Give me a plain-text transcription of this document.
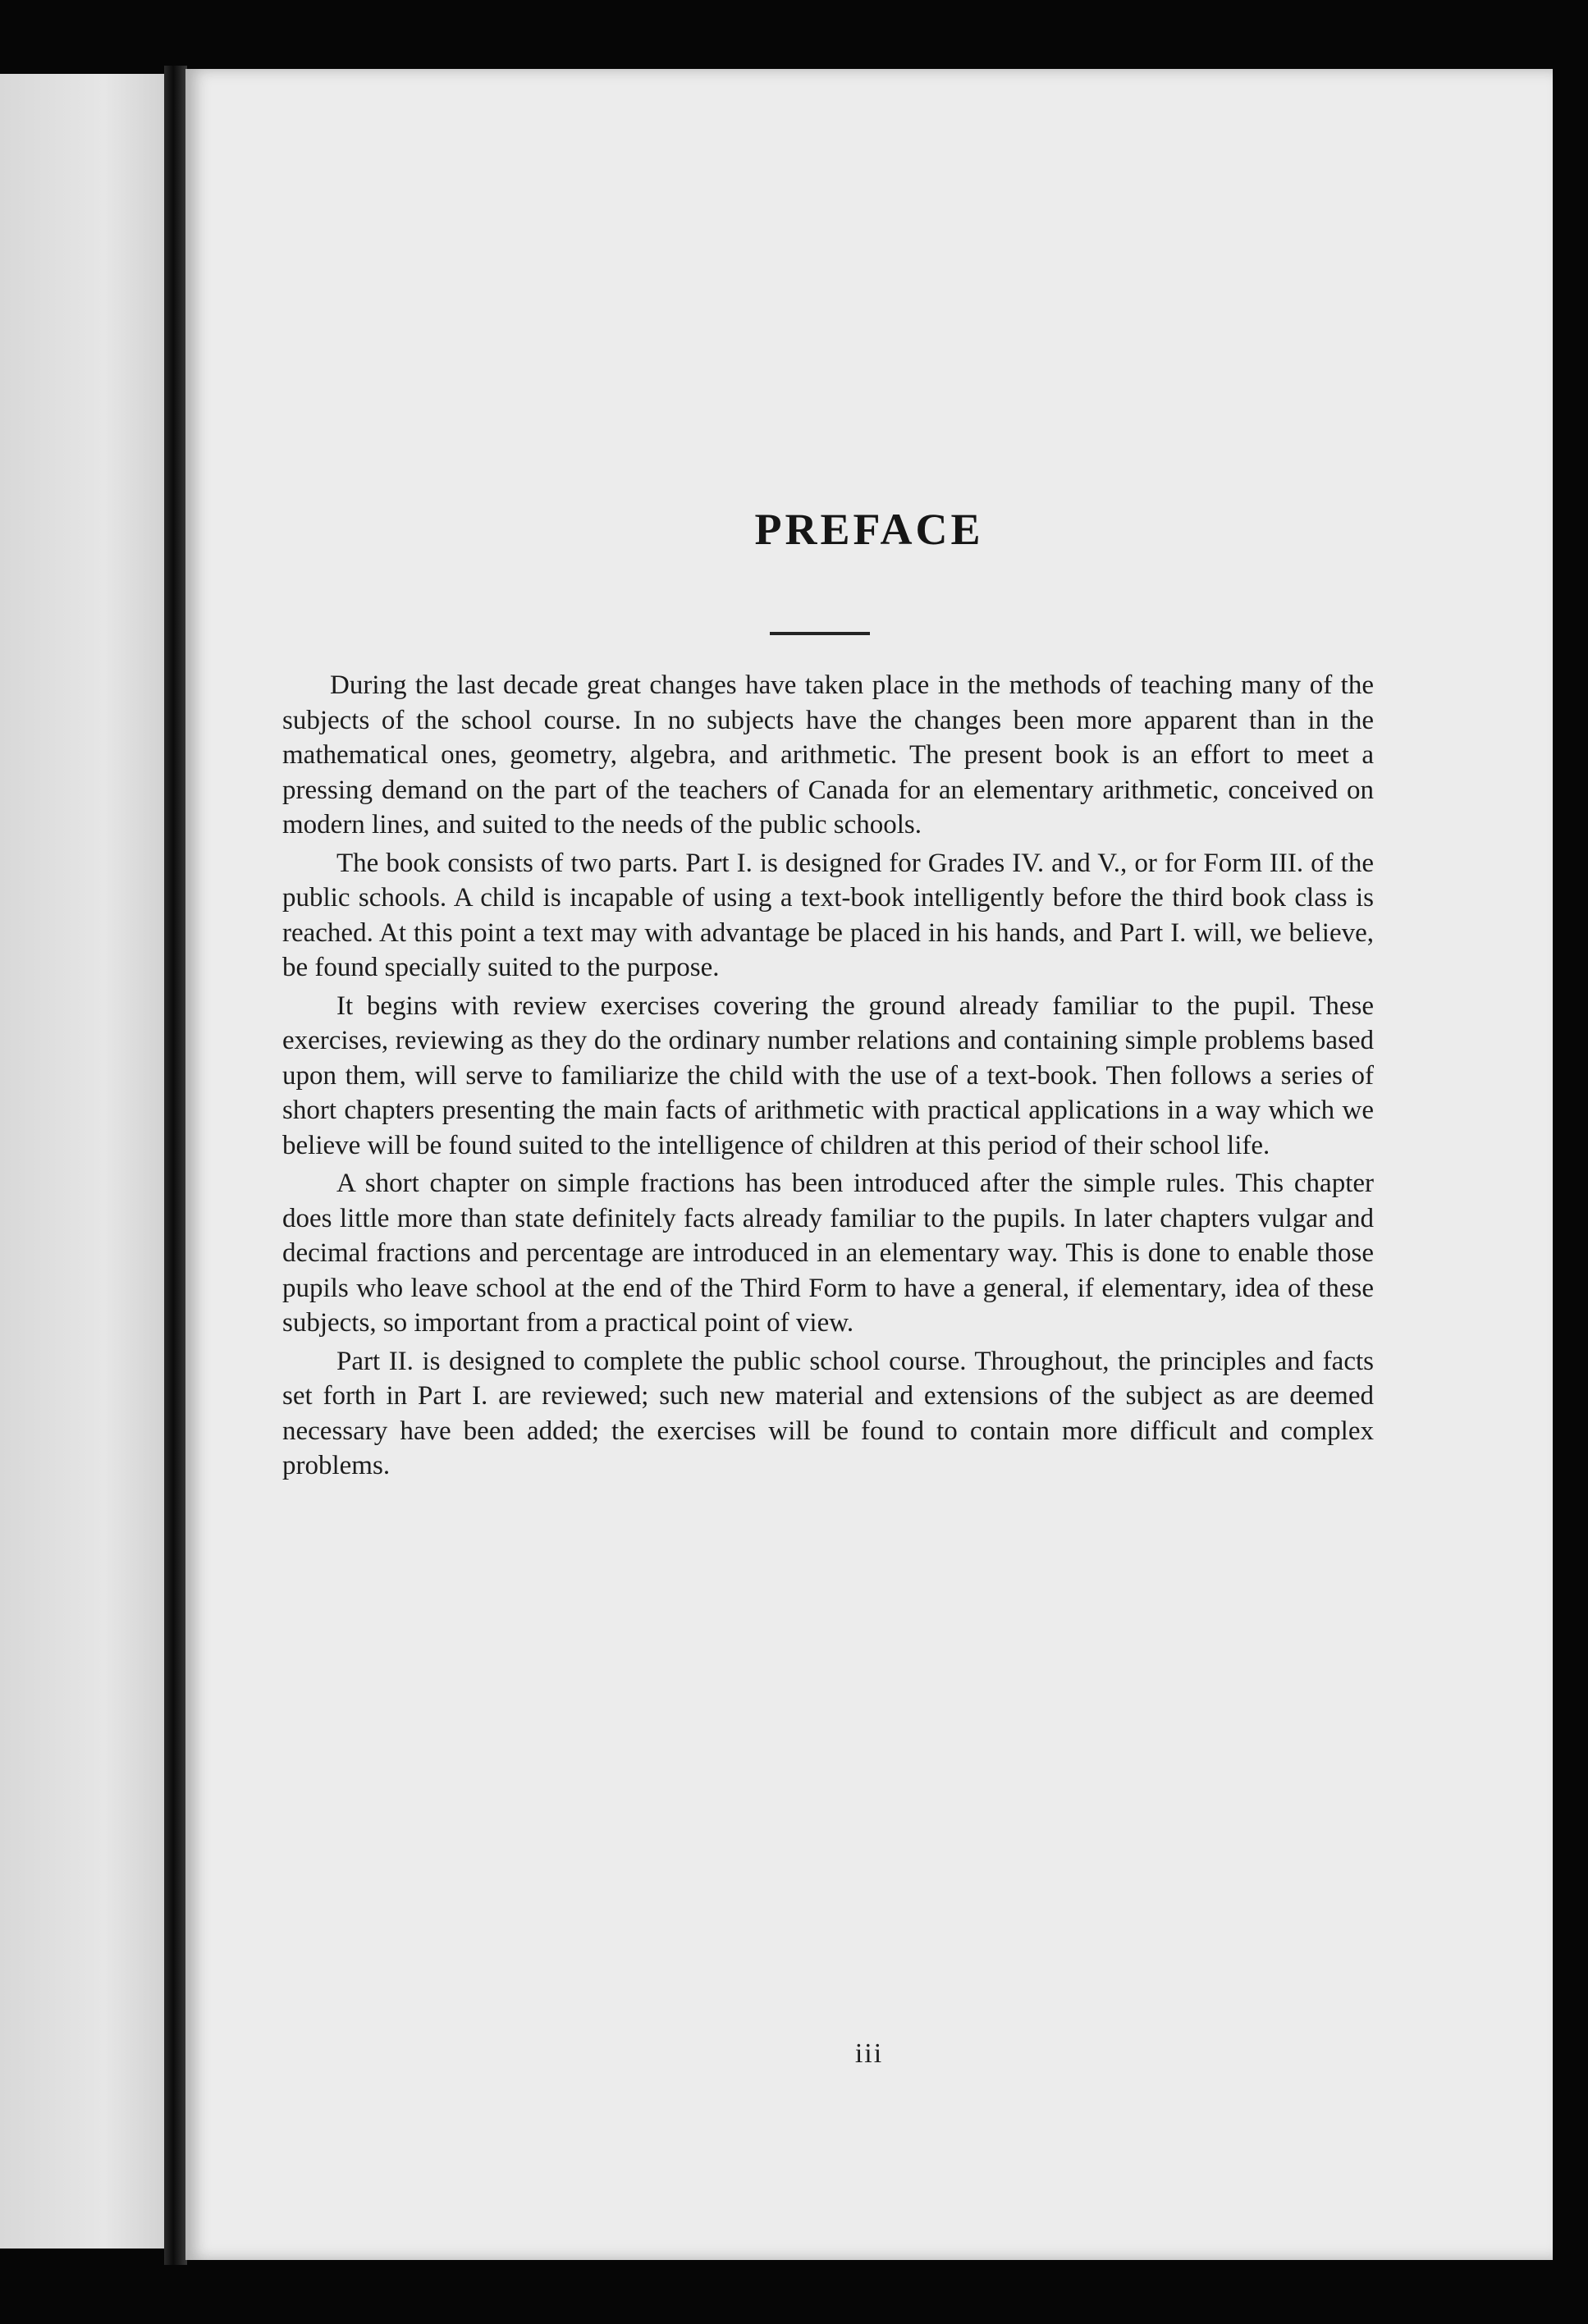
PREFACE

During the last decade great changes have taken place in the methods of teaching many of the subjects of the school course. In no subjects have the changes been more apparent than in the mathematical ones, geometry, algebra, and arithmetic. The present book is an effort to meet a pressing demand on the part of the teachers of Canada for an elementary arithmetic, conceived on modern lines, and suited to the needs of the public schools.

The book consists of two parts. Part I. is designed for Grades IV. and V., or for Form III. of the public schools. A child is incapable of using a text-book intelligently before the third book class is reached. At this point a text may with advantage be placed in his hands, and Part I. will, we believe, be found specially suited to the purpose.

It begins with review exercises covering the ground already familiar to the pupil. These exercises, reviewing as they do the ordinary number relations and containing simple problems based upon them, will serve to familiarize the child with the use of a text-book. Then follows a series of short chapters presenting the main facts of arithmetic with practical applications in a way which we believe will be found suited to the intelligence of children at this period of their school life.

A short chapter on simple fractions has been introduced after the simple rules. This chapter does little more than state definitely facts already familiar to the pupils. In later chapters vulgar and decimal fractions and percentage are introduced in an elementary way. This is done to enable those pupils who leave school at the end of the Third Form to have a general, if elementary, idea of these subjects, so important from a practical point of view.

Part II. is designed to complete the public school course. Throughout, the principles and facts set forth in Part I. are reviewed; such new material and extensions of the subject as are deemed necessary have been added; the exercises will be found to contain more difficult and complex problems.

iii
